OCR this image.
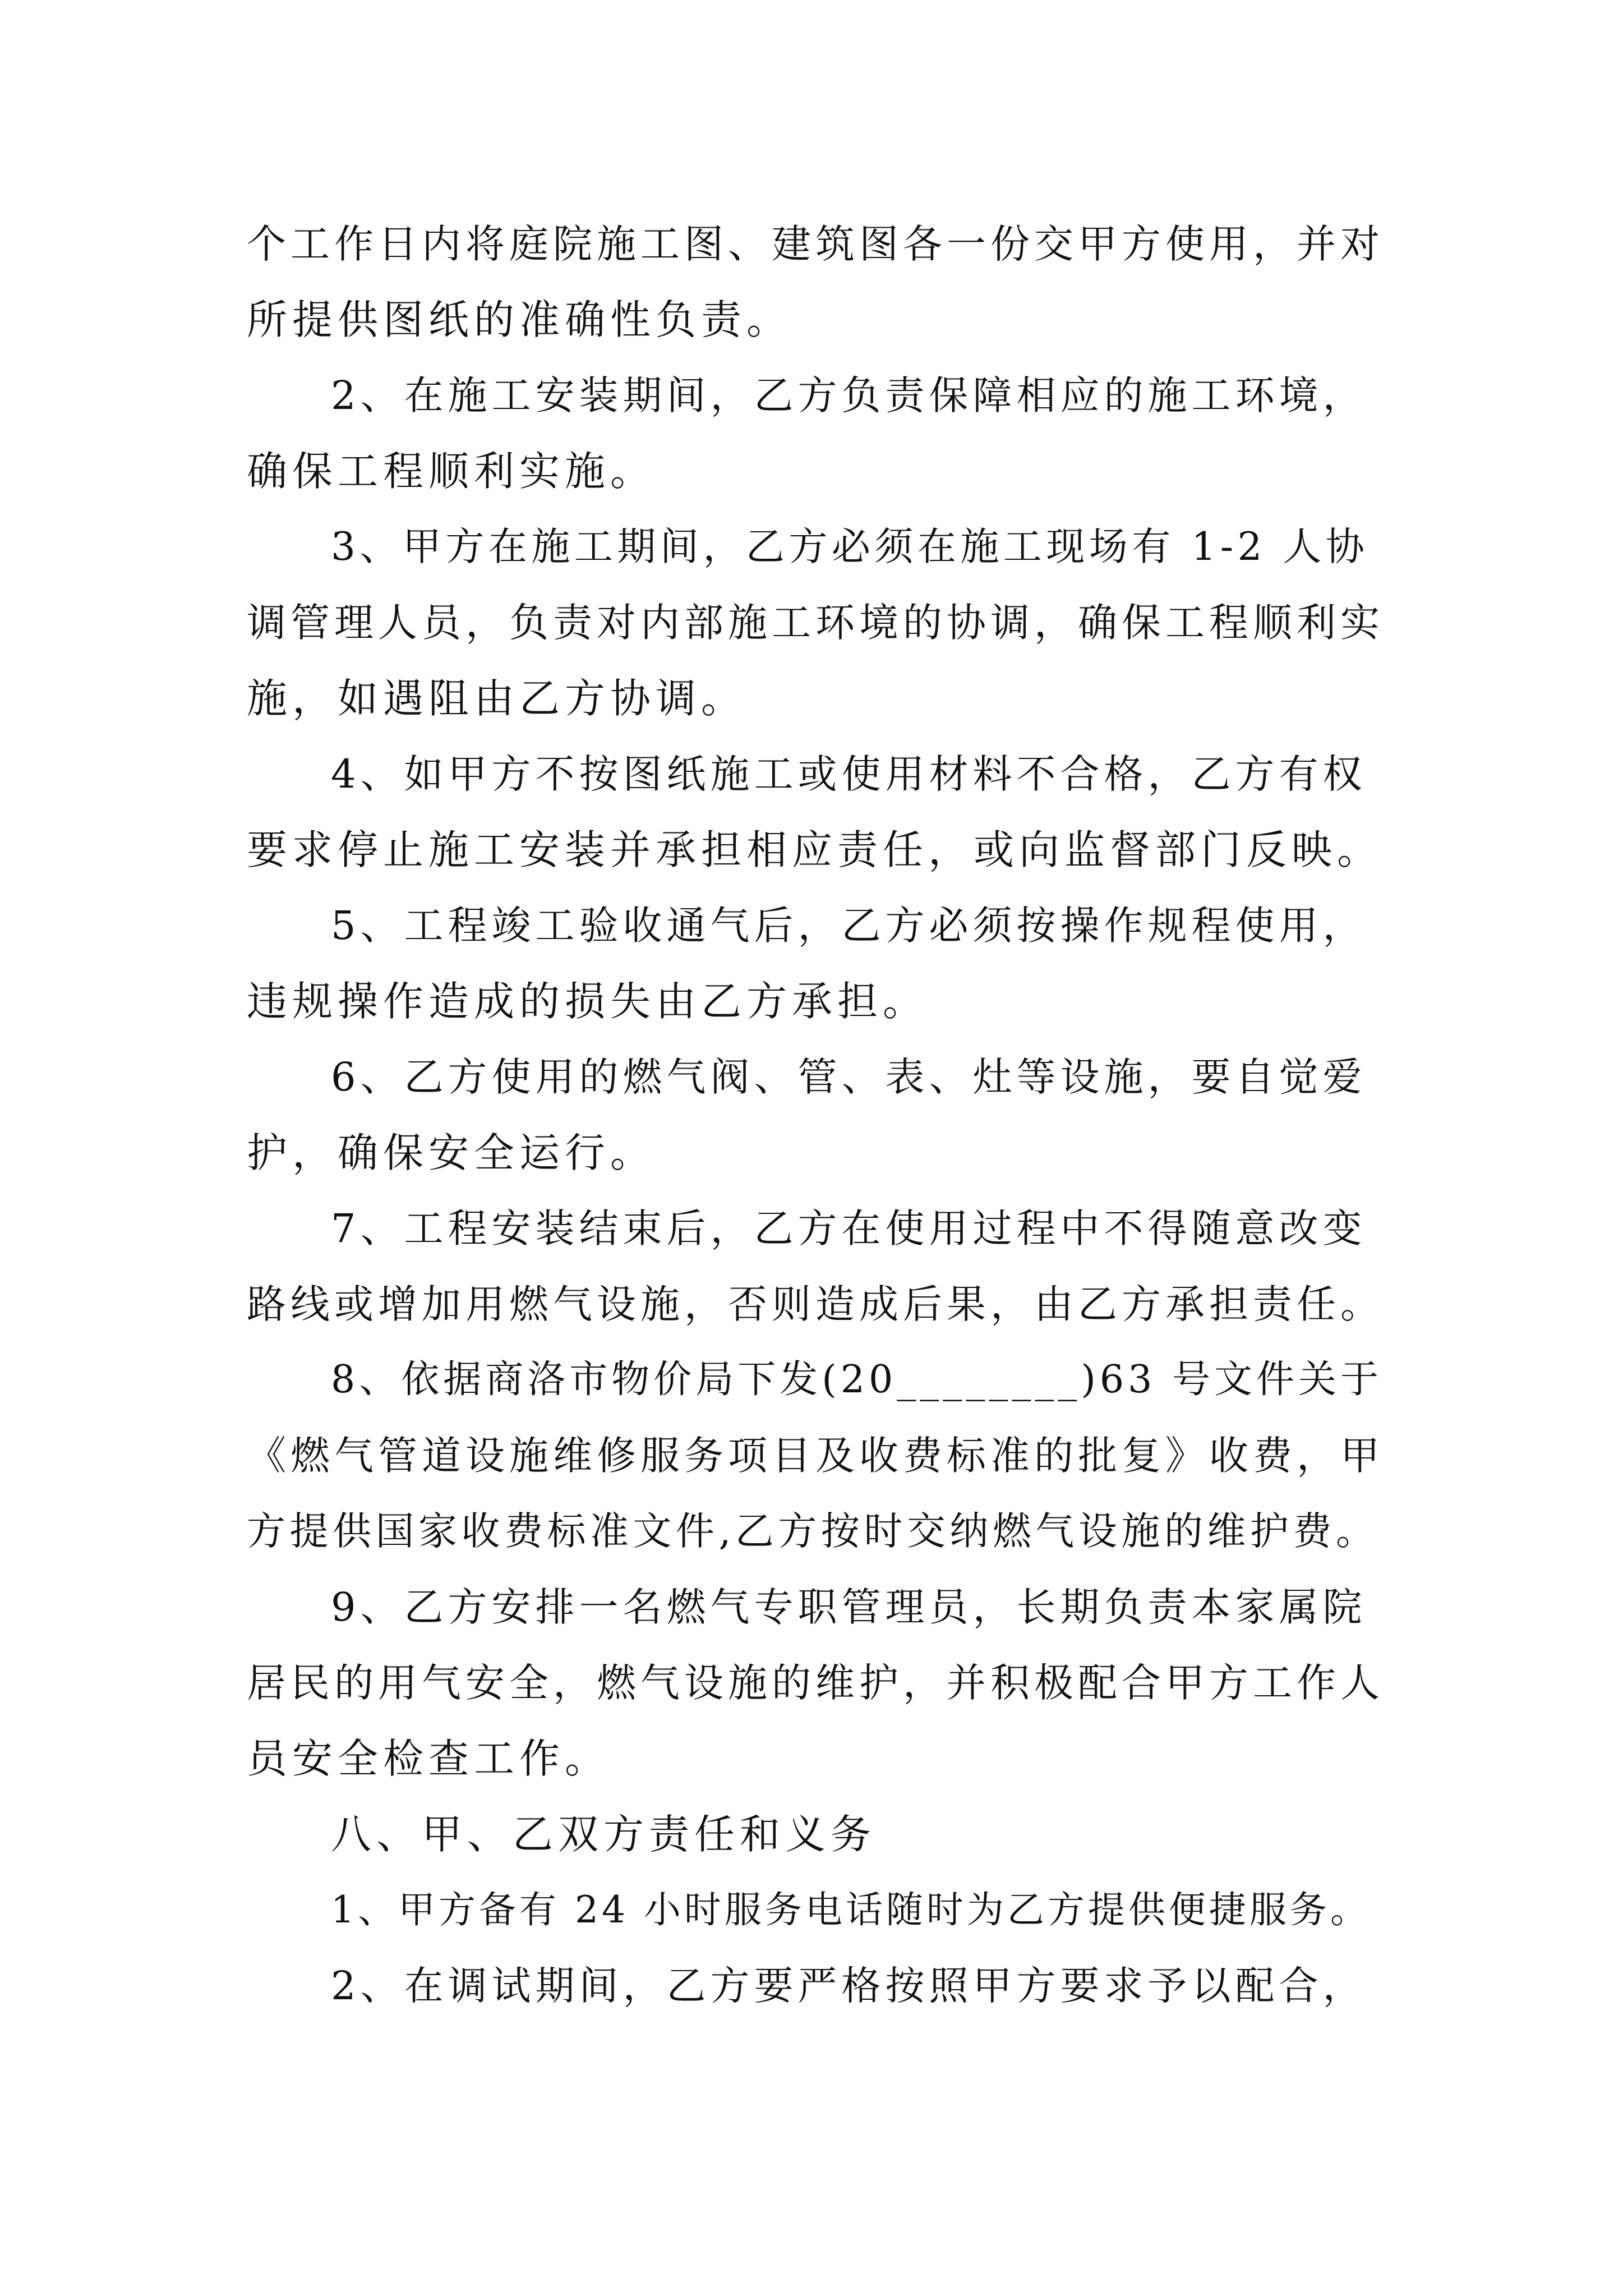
个工作日内将庭院施工图、建筑图各一份交甲方使用，并对
所提供图纸的准确性负责。
2、在施工安装期间，乙方负责保障相应的施工环境，
确保工程顺利实施。
3、甲方在施工期间，乙方必须在施工现场有 1-2 人协
调管理人员，负责对内部施工环境的协调，确保工程顺利实
施，如遇阻由乙方协调。
4、如甲方不按图纸施工或使用材料不合格，乙方有权
要求停止施工安装并承担相应责任，或向监督部门反映。
5、工程竣工验收通气后，乙方必须按操作规程使用，
违规操作造成的损失由乙方承担。
6、乙方使用的燃气阀、管、表、灶等设施，要自觉爱
护，确保安全运行。
7、工程安装结束后，乙方在使用过程中不得随意改变
路线或增加用燃气设施，否则造成后果，由乙方承担责任。
8、依据商洛市物价局下发(20________)63 号文件关于
《燃气管道设施维修服务项目及收费标准的批复》收费，甲
方提供国家收费标准文件,乙方按时交纳燃气设施的维护费。
9、乙方安排一名燃气专职管理员，长期负责本家属院
居民的用气安全，燃气设施的维护，并积极配合甲方工作人
员安全检查工作。
八、甲、乙双方责任和义务
1、甲方备有 24 小时服务电话随时为乙方提供便捷服务。
2、在调试期间，乙方要严格按照甲方要求予以配合，
